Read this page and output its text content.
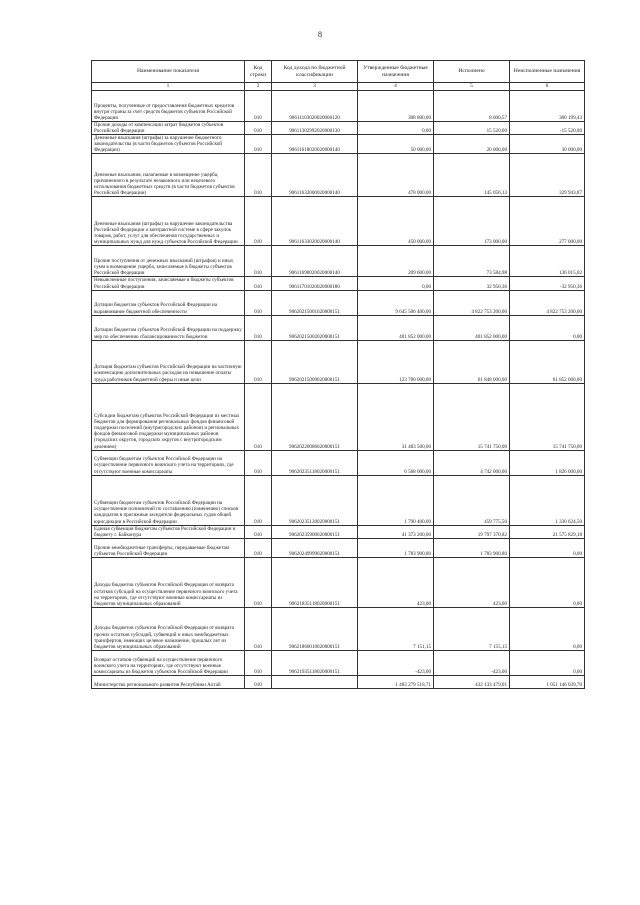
8
Наименование показателя	Код строки	Код дохода по бюджетной классификации	Утвержденные бюджетные назначения	Исполнено	Неисполненные назначения
1	2	3	4	5	6
Проценты, полученные от предоставления бюджетных кредитов внутри страны за счет средств бюджетов субъектов Российской Федерации	010	90611103020020000120	308 800,00	8 600,57	300 199,43
Прочие доходы от компенсации затрат бюджетов субъектов Российской Федерации	010	90611302992020000130	0,00	15 520,00	-15 520,00
Денежные взыскания (штрафы) за нарушение бюджетного законодательства (в части бюджетов субъектов Российской Федерации)	010	90611618020020000140	50 000,00	20 000,00	30 000,00
Денежные взыскания, налагаемые в возмещение ущерба, причиненного в результате незаконного или нецелевого использования бюджетных средств (в части бюджетов субъектов Российской Федерации)	010	90611632000020000140	478 000,00	145 056,13	329 943,87
Денежные взыскания (штрафы) за нарушение законодательства Российской Федерации о контрактной системе в сфере закупок товаров, работ, услуг для обеспечения государственных и муниципальных нужд для нужд субъектов Российской Федерации	010	90611633020020000140	450 000,00	173 000,00	277 000,00
Прочие поступления от денежных взысканий (штрафов) и иных сумм в возмещение ущерба, зачисляемые в бюджеты субъектов Российской Федерации	010	90611690020020000140	209 600,00	73 584,98	136 015,02
Невыясненные поступления, зачисляемые в бюджеты субъектов Российской Федерации	010	90611701020020000180	0,00	32 950,36	-32 950,36
Дотации бюджетам субъектов Российской Федерации на выравнивание бюджетной обеспеченности	010	90620215001020000151	9 645 506 400,00	4 822 753 200,00	4 822 753 200,00
Дотации бюджетам субъектов Российской Федерации на поддержку мер по обеспечению сбалансированности бюджетов	010	90620215002020000151	401 852 000,00	401 852 000,00	0,00
Дотация бюджетам субъектов Российской Федерации на частичную компенсацию дополнительных расходов на повышение оплаты труда работников бюджетной сферы и иные цели	010	90620215009020000151	123 700 000,00	61 848 000,00	61 852 000,00
Субсидии бюджетам субъектов Российской Федерации из местных бюджетов для формирования региональных фондов финансовой поддержки поселений (внутригородских районов) и региональных фондов финансовой поддержки муниципальных районов (городских округов, городских округов с внутригородским делением)	010	90620220086020000151	31 483 500,00	15 741 750,00	15 741 750,00
Субвенции бюджетам субъектов Российской Федерации на осуществление первичного воинского учета на территориях, где отсутствуют военные комиссариаты	010	90620235118020000151	6 568 000,00	4 742 000,00	1 826 000,00
Субвенции бюджетам субъектов Российской Федерации на осуществление полномочий по составлению (изменению) списков кандидатов в присяжные заседатели федеральных судов общей юрисдикции в Российской Федерации	010	90620235120020000151	1 790 400,00	459 775,50	1 330 624,50
Единая субвенция бюджетам субъектов Российской Федерации и бюджету г. Байконура	010	90620235900020000151	41 373 200,00	19 797 370,82	21 575 829,18
Прочие межбюджетные трансферты, передаваемые бюджетам субъектов Российской Федерации	010	90620249999020000151	1 783 900,80	1 783 900,80	0,00
Доходы бюджетов субъектов Российской Федерации от возврата остатков субсидий на осуществление первичного воинского учета на территориях, где отсутствуют военные комиссариаты из бюджетов муниципальных образований	010	90621835118020000151	423,00	423,00	0,00
Доходы бюджетов субъектов Российской Федерации от возврата прочих остатков субсидий, субвенций и иных межбюджетных трансфертов, имеющих целевое назначение, прошлых лет из бюджетов муниципальных образований	010	90621860010020000151	7 151,15	7 155,15	0,00
Возврат остатков субвенций на осуществление первичного воинского учета на территориях, где отсутствуют военные комиссариаты из бюджетов субъектов Российской Федерации	010	90621935118020000151	-423,00	-423,00	0,00
Министерство регионального развития Республики Алтай	010		1 483 279 518,71	432 133 479,01	1 051 146 039,70
